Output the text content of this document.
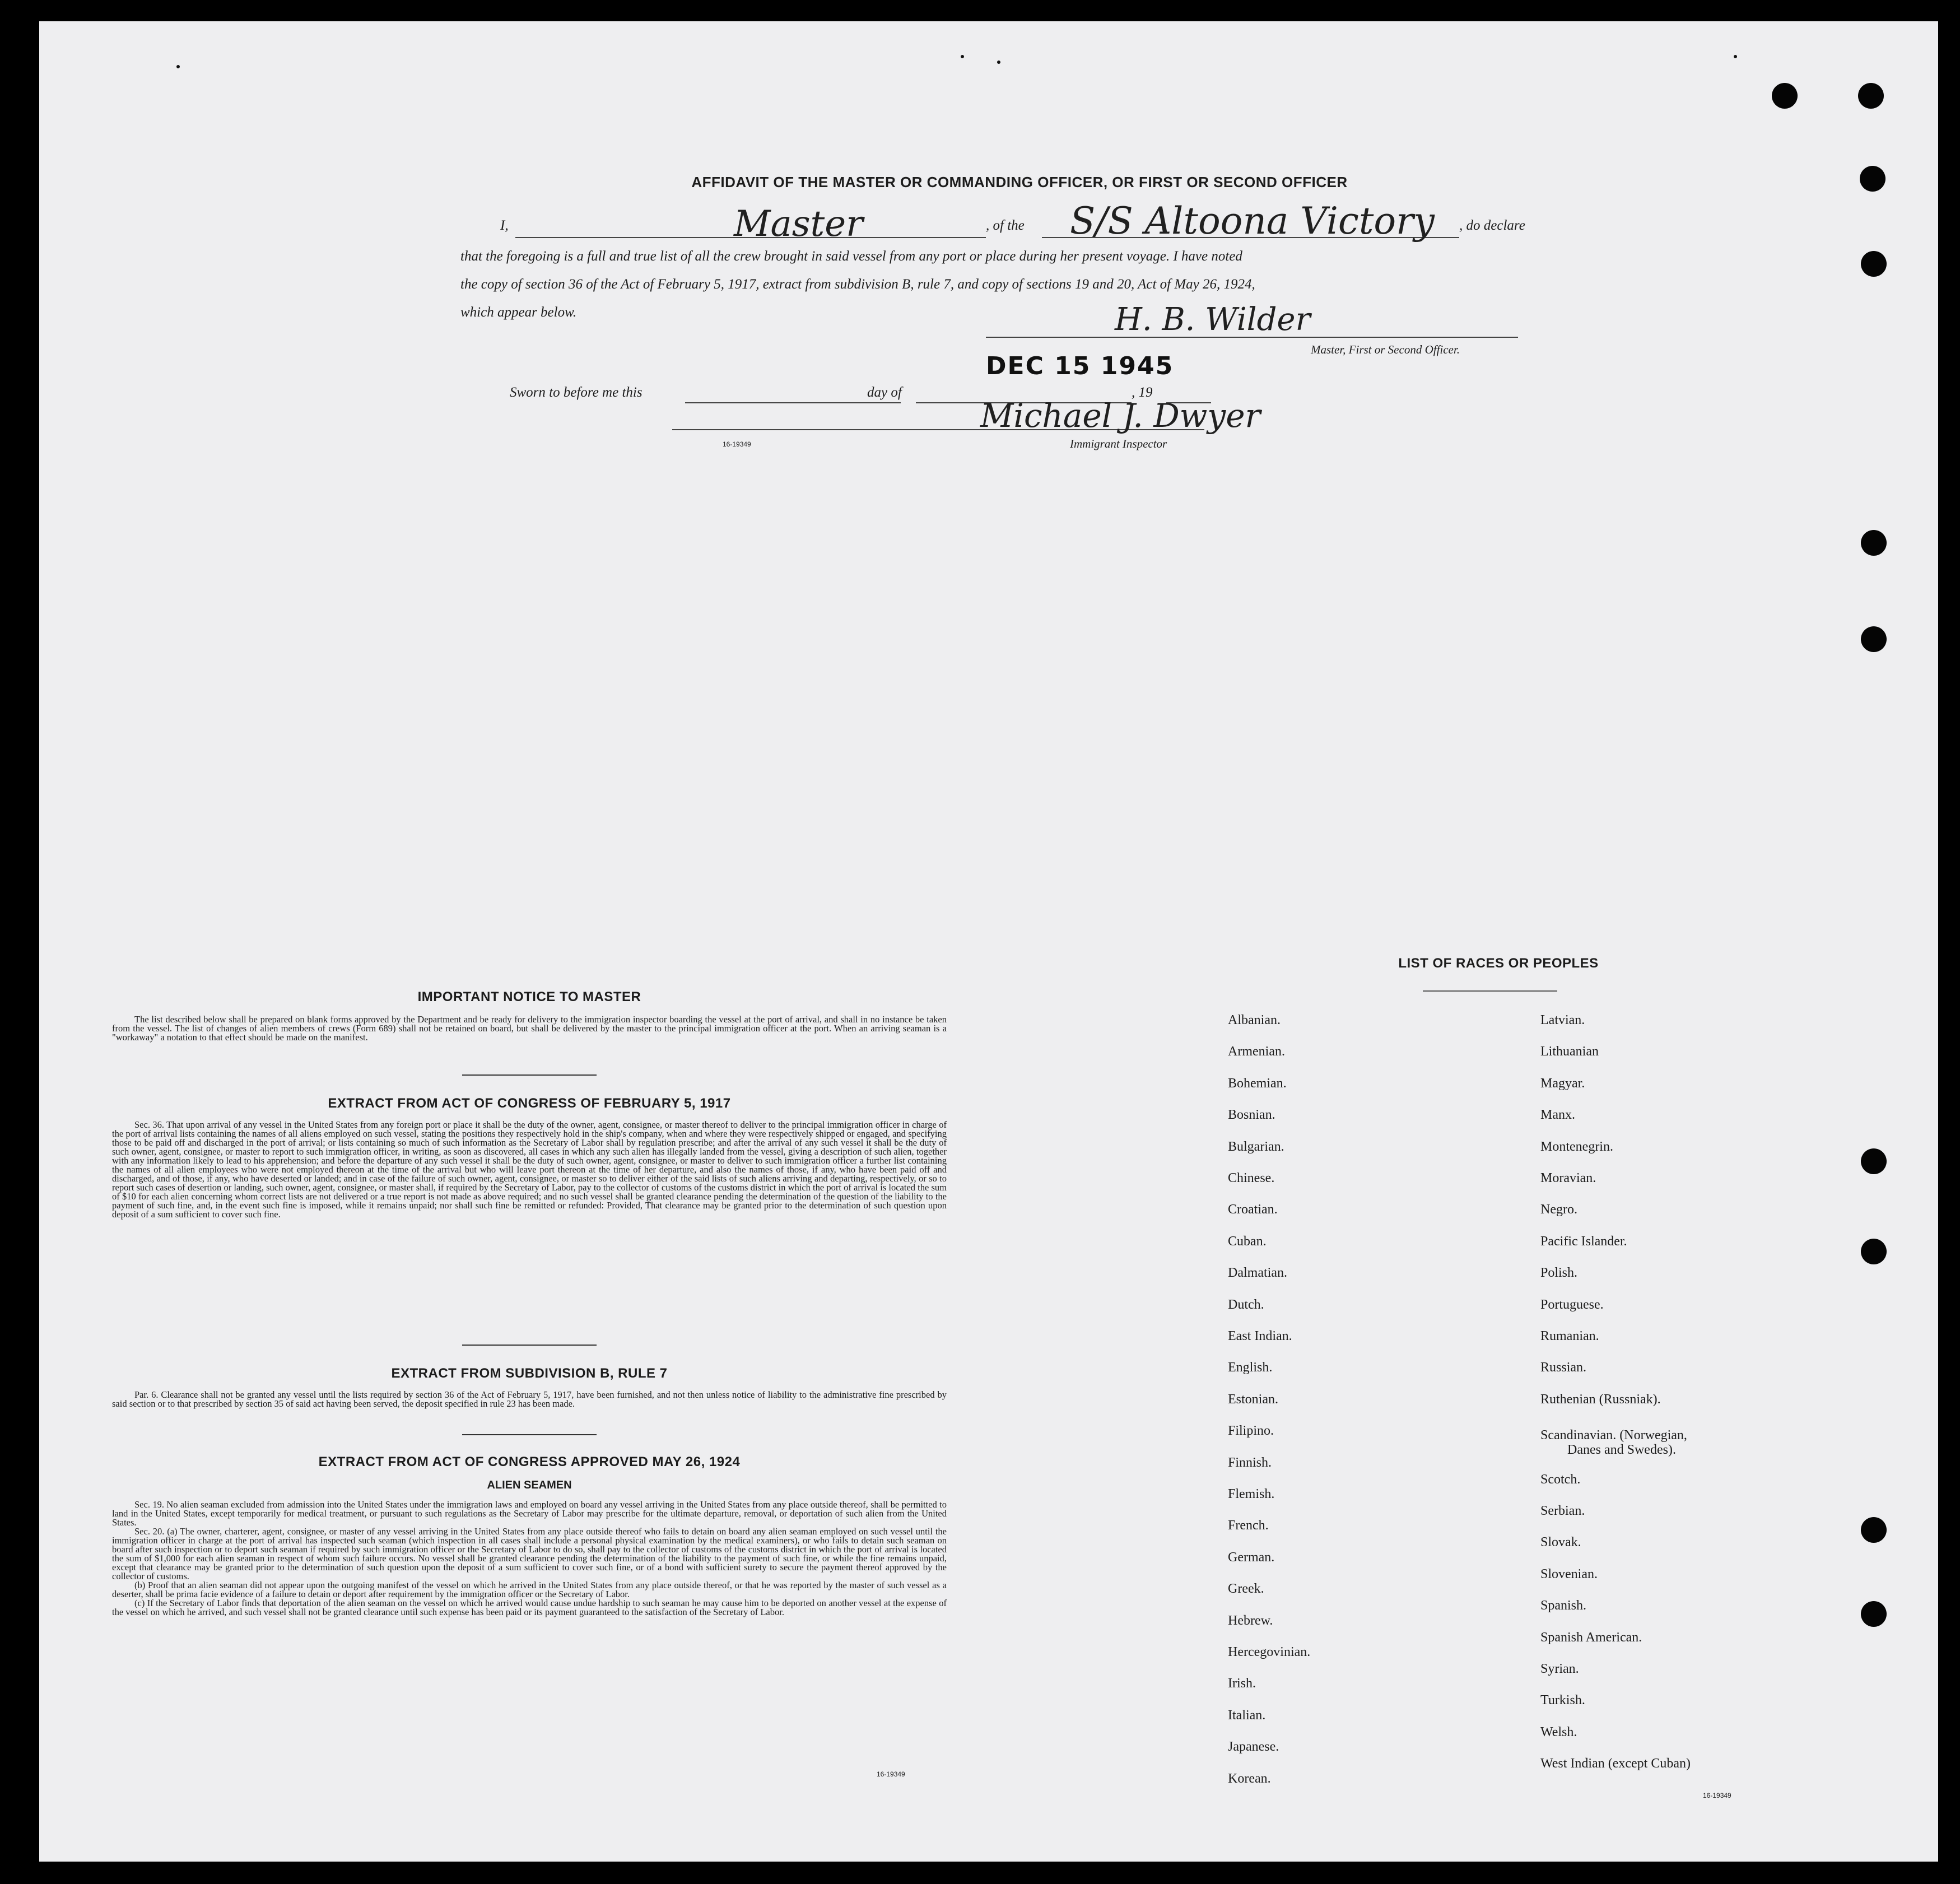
AFFIDAVIT OF THE MASTER OR COMMANDING OFFICER, OR FIRST OR SECOND OFFICER
I,	Master	, of the S/S Altoona Victory , do declare
that the foregoing is a full and true list of all the crew brought in said vessel from any port or place during her present voyage. I have noted
the copy of section 36 of the Act of February 5, 1917, extract from subdivision B, rule 7, and copy of sections 19 and 20, Act of May 26, 1924,
which appear below.	H. B. Wilder
Master, First or Second Officer.
Sworn to before me this	day of
DEC 15 1945
, 19
Michael J. Dwyer
16-19349	Immigrant Inspector
IMPORTANT NOTICE TO MASTER

The list described below shall be prepared on blank forms approved by the Department and be ready for delivery to the immigration inspector boarding the vessel at the port of arrival, and shall in no instance be taken from the vessel. The list of changes of alien members of crews (Form 689) shall not be retained on board, but shall be delivered by the master to the principal immigration officer at the port. When an arriving seaman is a "workaway" a notation to that effect should be made on the manifest.

EXTRACT FROM ACT OF CONGRESS OF FEBRUARY 5, 1917

Sec. 36. That upon arrival of any vessel in the United States from any foreign port or place it shall be the duty of the owner, agent, consignee, or master thereof to deliver to the principal immigration officer in charge of the port of arrival lists containing the names of all aliens employed on such vessel, stating the positions they respectively hold in the ship's company, when and where they were respectively shipped or engaged, and specifying those to be paid off and discharged in the port of arrival; or lists containing so much of such information as the Secretary of Labor shall by regulation prescribe; and after the arrival of any such vessel it shall be the duty of such owner, agent, consignee, or master to report to such immigration officer, in writing, as soon as discovered, all cases in which any such alien has illegally landed from the vessel, giving a description of such alien, together with any information likely to lead to his apprehension; and before the departure of any such vessel it shall be the duty of such owner, agent, consignee, or master to deliver to such immigration officer a further list containing the names of all alien employees who were not employed thereon at the time of the arrival but who will leave port thereon at the time of her departure, and also the names of those, if any, who have been paid off and discharged, and of those, if any, who have deserted or landed; and in case of the failure of such owner, agent, consignee, or master so to deliver either of the said lists of such aliens arriving and departing, respectively, or so to report such cases of desertion or landing, such owner, agent, consignee, or master shall, if required by the Secretary of Labor, pay to the collector of customs of the customs district in which the port of arrival is located the sum of $10 for each alien concerning whom correct lists are not delivered or a true report is not made as above required; and no such vessel shall be granted clearance pending the determination of the question of the liability to the payment of such fine, and, in the event such fine is imposed, while it remains unpaid; nor shall such fine be remitted or refunded: Provided, That clearance may be granted prior to the determination of such question upon deposit of a sum sufficient to cover such fine.

EXTRACT FROM SUBDIVISION B, RULE 7

Par. 6. Clearance shall not be granted any vessel until the lists required by section 36 of the Act of February 5, 1917, have been furnished, and not then unless notice of liability to the administrative fine prescribed by said section or to that prescribed by section 35 of said act having been served, the deposit specified in rule 23 has been made.

EXTRACT FROM ACT OF CONGRESS APPROVED MAY 26, 1924
ALIEN SEAMEN

Sec. 19. No alien seaman excluded from admission into the United States under the immigration laws and employed on board any vessel arriving in the United States from any place outside thereof, shall be permitted to land in the United States, except temporarily for medical treatment, or pursuant to such regulations as the Secretary of Labor may prescribe for the ultimate departure, removal, or deportation of such alien from the United States.

Sec. 20. (a) The owner, charterer, agent, consignee, or master of any vessel arriving in the United States from any place outside thereof who fails to detain on board any alien seaman employed on such vessel until the immigration officer in charge at the port of arrival has inspected such seaman (which inspection in all cases shall include a personal physical examination by the medical examiners), or who fails to detain such seaman on board after such inspection or to deport such seaman if required by such immigration officer or the Secretary of Labor to do so, shall pay to the collector of customs of the customs district in which the port of arrival is located the sum of $1,000 for each alien seaman in respect of whom such failure occurs. No vessel shall be granted clearance pending the determination of the liability to the payment of such fine, or while the fine remains unpaid, except that clearance may be granted prior to the determination of such question upon the deposit of a sum sufficient to cover such fine, or of a bond with sufficient surety to secure the payment thereof approved by the collector of customs.

(b) Proof that an alien seaman did not appear upon the outgoing manifest of the vessel on which he arrived in the United States from any place outside thereof, or that he was reported by the master of such vessel as a deserter, shall be prima facie evidence of a failure to detain or deport after requirement by the immigration officer or the Secretary of Labor.

(c) If the Secretary of Labor finds that deportation of the alien seaman on the vessel on which he arrived would cause undue hardship to such seaman he may cause him to be deported on another vessel at the expense of the vessel on which he arrived, and such vessel shall not be granted clearance until such expense has been paid or its payment guaranteed to the satisfaction of the Secretary of Labor.

16-19349
LIST OF RACES OR PEOPLES
Albanian.
Armenian.
Bohemian.
Bosnian.
Bulgarian.
Chinese.
Croatian.
Cuban.
Dalmatian.
Dutch.
East Indian.
English.
Estonian.
Filipino.
Finnish.
Flemish.
French.
German.
Greek.
Hebrew.
Hercegovinian.
Irish.
Italian.
Japanese.
Korean.
Latvian.
Lithuanian
Magyar.
Manx.
Montenegrin.
Moravian.
Negro.
Pacific Islander.
Polish.
Portuguese.
Rumanian.
Russian.
Ruthenian (Russniak).
Scandinavian. (Norwegian,
Danes and Swedes).
Scotch.
Serbian.
Slovak.
Slovenian.
Spanish.
Spanish American.
Syrian.
Turkish.
Welsh.
West Indian (except Cuban)
16-19349
